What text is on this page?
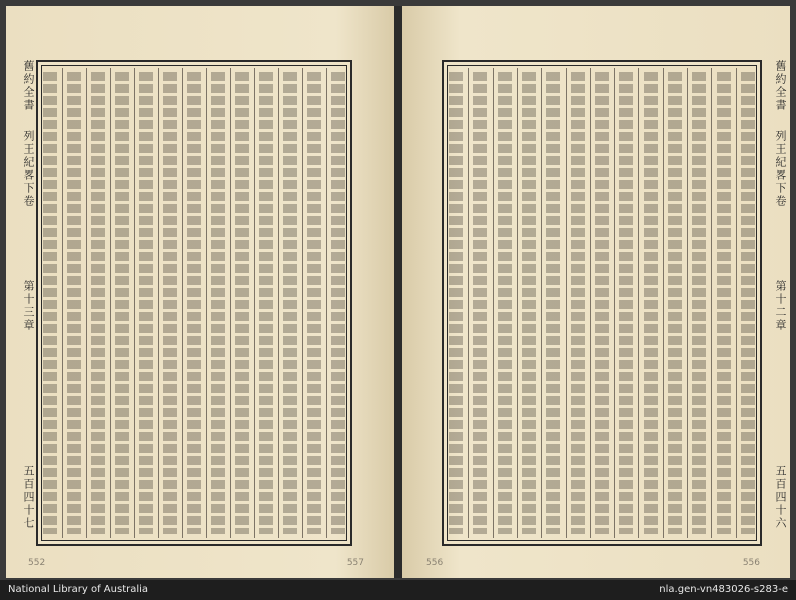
舊約全書
列王紀畧下卷
第十三章
五百四十七
552	557
舊約全書
列王紀畧下卷
第十二章
五百四十六
556	556
National Library of Australia	nla.gen-vn483026-s283-e
